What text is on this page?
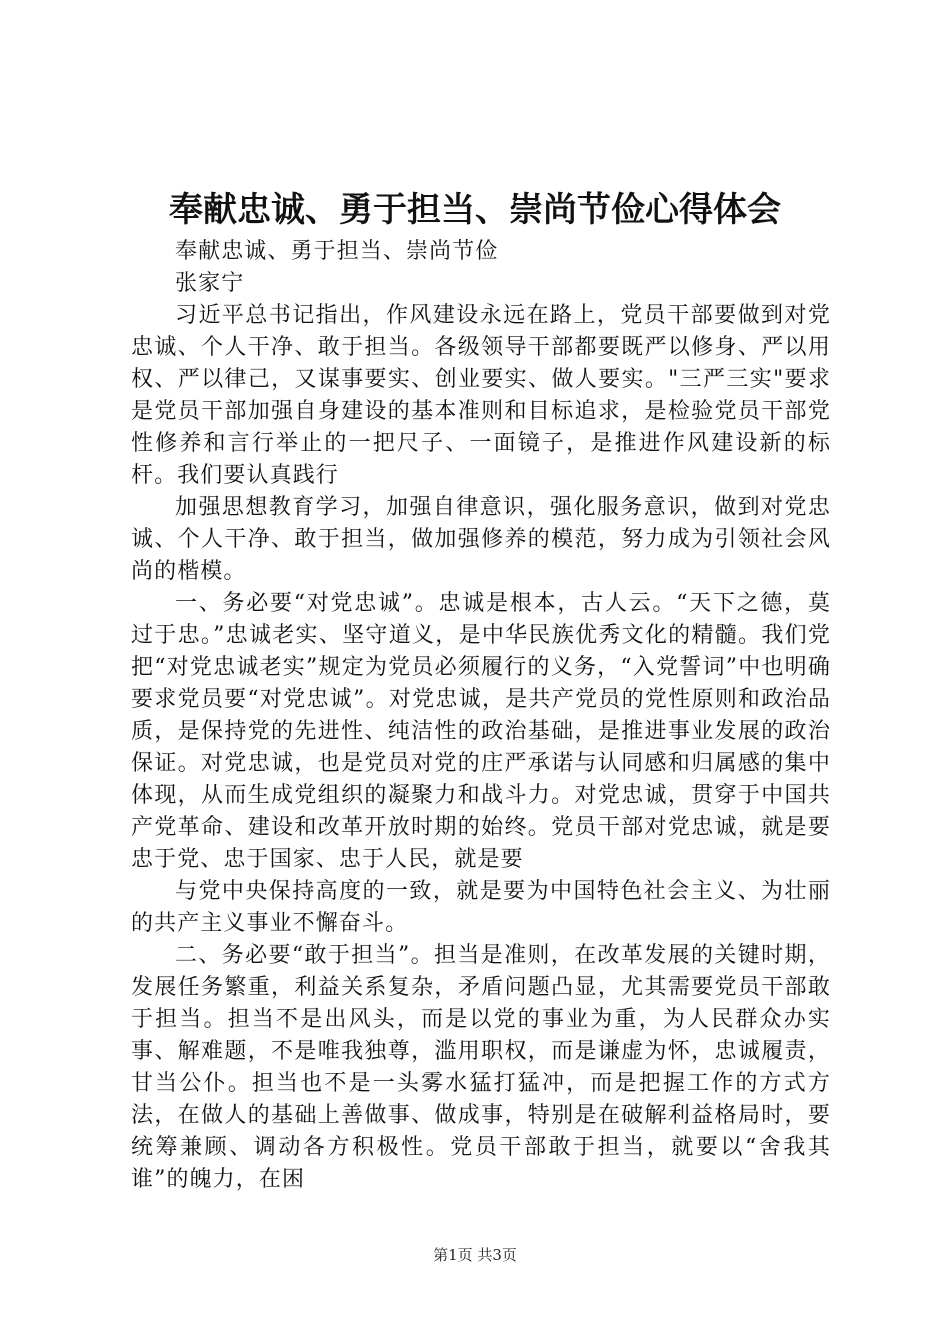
奉献忠诚、勇于担当、崇尚节俭心得体会

奉献忠诚、勇于担当、崇尚节俭

张家宁

习近平总书记指出，作风建设永远在路上，党员干部要做到对党忠诚、个人干净、敢于担当。各级领导干部都要既严以修身、严以用权、严以律己，又谋事要实、创业要实、做人要实。"三严三实"要求是党员干部加强自身建设的基本准则和目标追求，是检验党员干部党性修养和言行举止的一把尺子、一面镜子，是推进作风建设新的标杆。我们要认真践行

加强思想教育学习，加强自律意识，强化服务意识，做到对党忠诚、个人干净、敢于担当，做加强修养的模范，努力成为引领社会风尚的楷模。

一、务必要“对党忠诚”。忠诚是根本，古人云。“天下之德，莫过于忠。”忠诚老实、坚守道义，是中华民族优秀文化的精髓。我们党把“对党忠诚老实”规定为党员必须履行的义务，“入党誓词”中也明确要求党员要“对党忠诚”。对党忠诚，是共产党员的党性原则和政治品质，是保持党的先进性、纯洁性的政治基础，是推进事业发展的政治保证。对党忠诚，也是党员对党的庄严承诺与认同感和归属感的集中体现，从而生成党组织的凝聚力和战斗力。对党忠诚，贯穿于中国共产党革命、建设和改革开放时期的始终。党员干部对党忠诚，就是要忠于党、忠于国家、忠于人民，就是要

与党中央保持高度的一致，就是要为中国特色社会主义、为壮丽的共产主义事业不懈奋斗。

二、务必要“敢于担当”。担当是准则，在改革发展的关键时期，发展任务繁重，利益关系复杂，矛盾问题凸显，尤其需要党员干部敢于担当。担当不是出风头，而是以党的事业为重，为人民群众办实事、解难题，不是唯我独尊，滥用职权，而是谦虚为怀，忠诚履责，甘当公仆。担当也不是一头雾水猛打猛冲，而是把握工作的方式方法，在做人的基础上善做事、做成事，特别是在破解利益格局时，要统筹兼顾、调动各方积极性。党员干部敢于担当，就要以“舍我其谁”的魄力，在困

第1页 共3页
